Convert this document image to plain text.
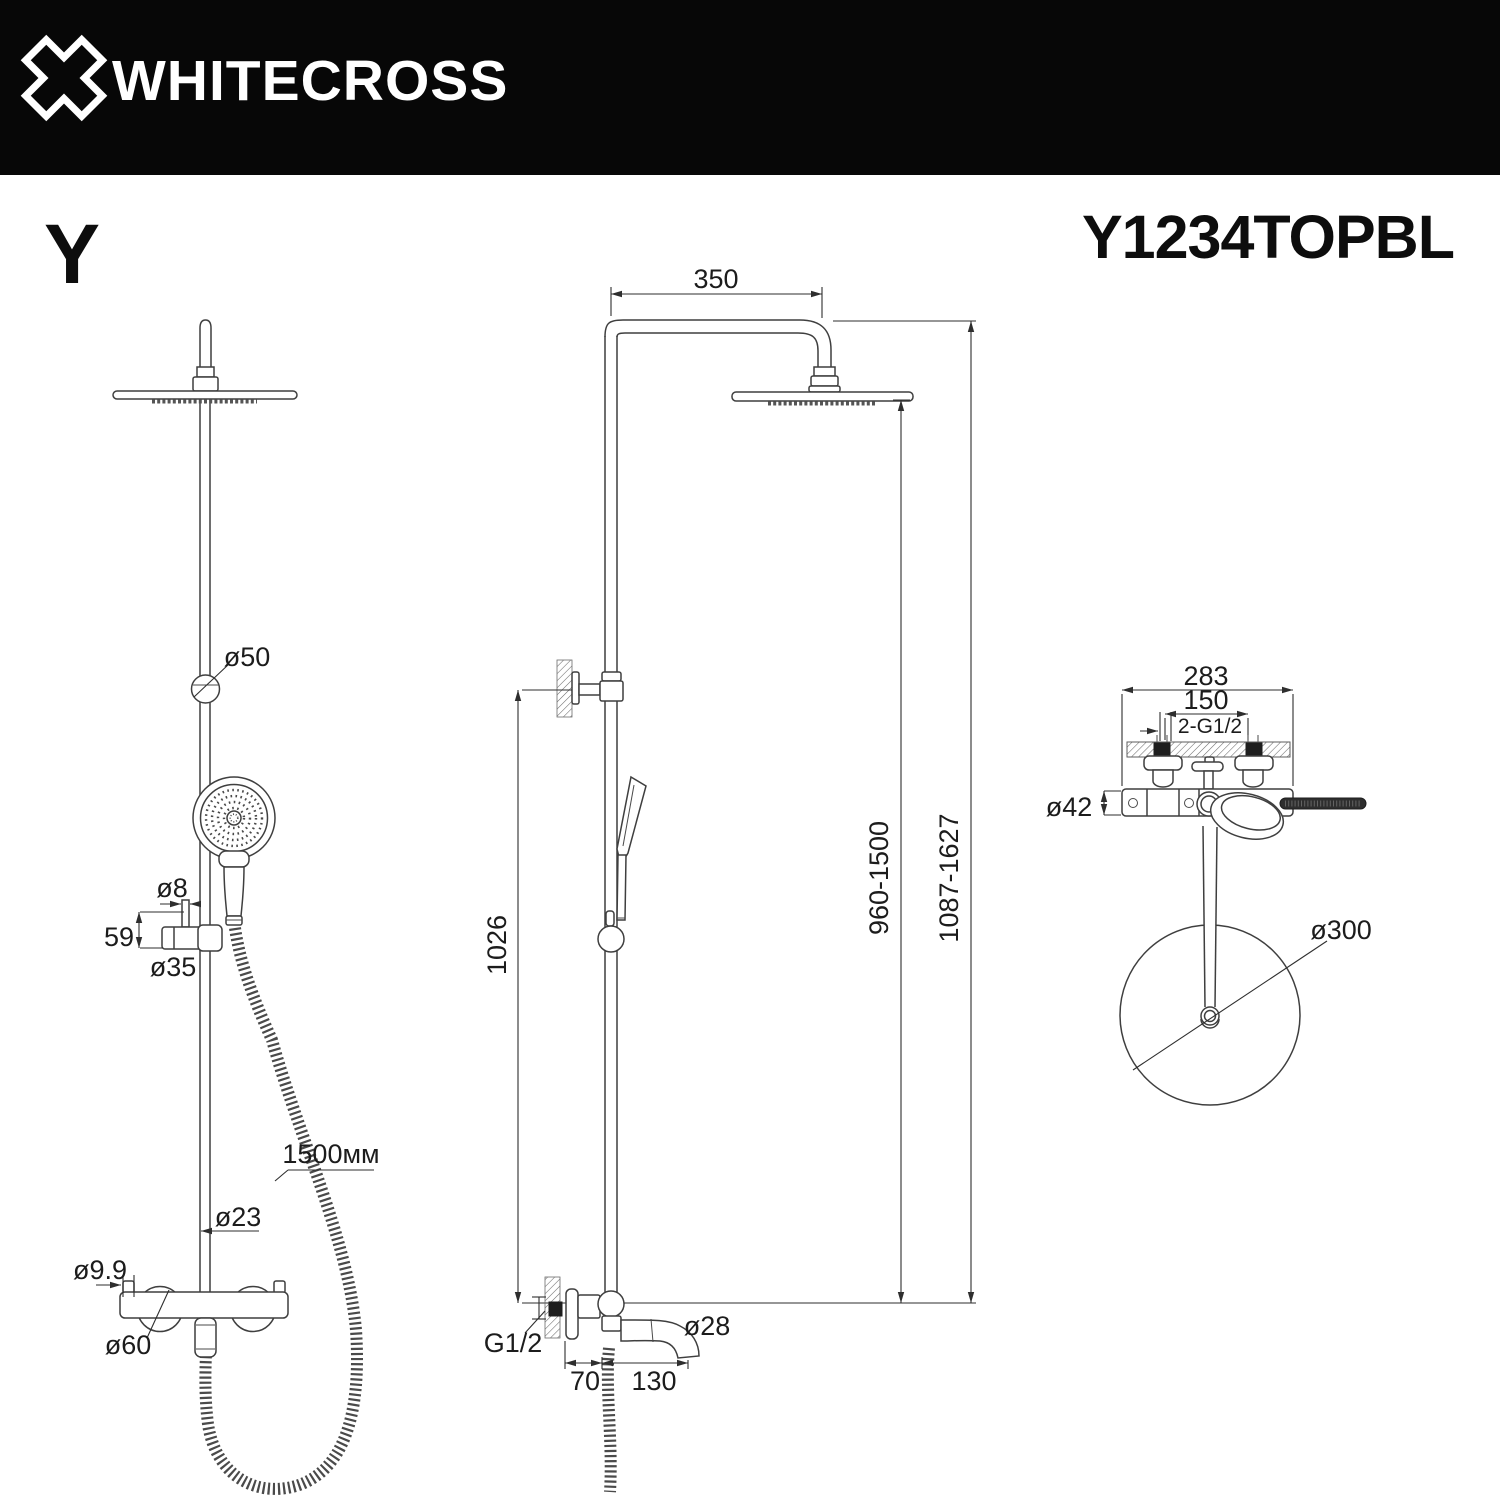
WHITECROSS
Y	Y1234TOPBL
ø50
ø8
59
ø35
1500мм
ø23
ø9.9
ø60
350
1026
ø28
G1/2
70 130
960-1500 1087-1627
283
150
2-G1/2
ø42
ø300
